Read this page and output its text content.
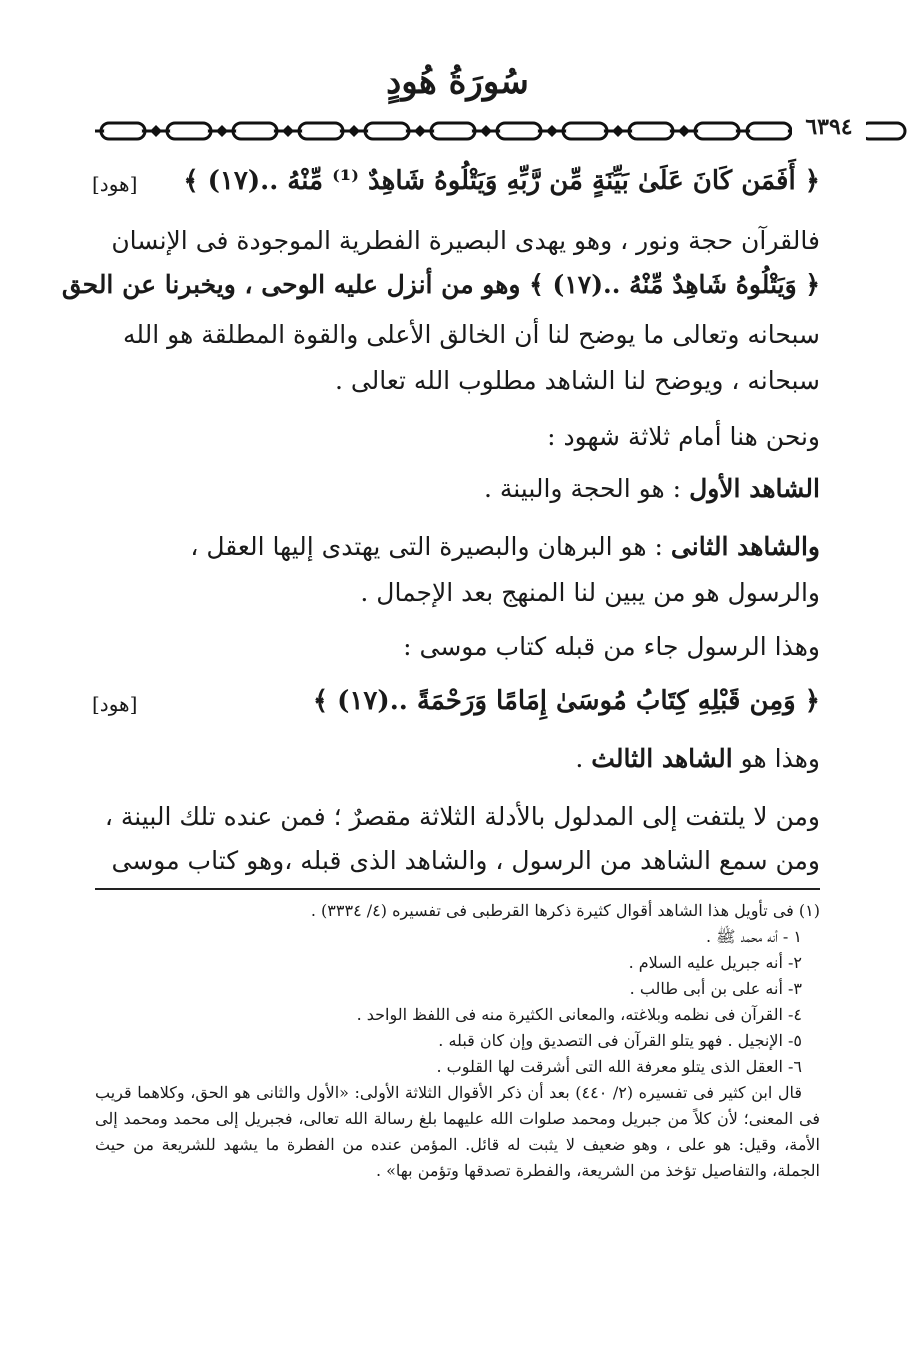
سُورَةُ هُودٍ
٦٣٩٤
﴿ أَفَمَن كَانَ عَلَىٰ بَيِّنَةٍ مِّن رَّبِّهِ وَيَتْلُوهُ شَاهِدٌ ⁽¹⁾ مِّنْهُ ..(١٧) ﴾
[هود]
فالقرآن حجة ونور ، وهو يهدى البصيرة الفطرية الموجودة فى الإنسان
﴿ وَيَتْلُوهُ شَاهِدٌ مِّنْهُ ..(١٧) ﴾ وهو من أنزل عليه الوحى ، ويخبرنا عن الحق
سبحانه وتعالى ما يوضح لنا أن الخالق الأعلى والقوة المطلقة هو الله
سبحانه ، ويوضح لنا الشاهد مطلوب الله تعالى .
ونحن هنا أمام ثلاثة شهود :
الشاهد الأول : هو الحجة والبينة .
والشاهد الثانى : هو البرهان والبصيرة التى يهتدى إليها العقل ،
والرسول هو من يبين لنا المنهج بعد الإجمال .
وهذا الرسول جاء من قبله كتاب موسى :
﴿ وَمِن قَبْلِهِ كِتَابُ مُوسَىٰ إِمَامًا وَرَحْمَةً ..(١٧) ﴾
[هود]
وهذا هو الشاهد الثالث .
ومن لا يلتفت إلى المدلول بالأدلة الثلاثة مقصرٌ ؛ فمن عنده تلك البينة ،
ومن سمع الشاهد من الرسول ، والشاهد الذى قبله ،وهو كتاب موسى
(١) فى تأويل هذا الشاهد أقوال كثيرة ذكرها القرطبى فى تفسيره (٤/ ٣٣٣٤) .
١ - أنه محمد ﷺ .
٢- أنه جبريل عليه السلام .
٣- أنه على بن أبى طالب .
٤- القرآن فى نظمه وبلاغته، والمعانى الكثيرة منه فى اللفظ الواحد .
٥- الإنجيل . فهو يتلو القرآن فى التصديق وإن كان قبله .
٦- العقل الذى يتلو معرفة الله التى أشرقت لها القلوب .
قال ابن كثير فى تفسيره (٢/ ٤٤٠) بعد أن ذكر الأقوال الثلاثة الأولى: «الأول والثانى هو الحق، وكلاهما قريب فى المعنى؛ لأن كلاً من جبريل ومحمد صلوات الله عليهما بلغ رسالة الله تعالى، فجبريل إلى محمد ومحمد إلى الأمة، وقيل: هو على ، وهو ضعيف لا يثبت له قائل. المؤمن عنده من الفطرة ما يشهد للشريعة من حيث الجملة، والتفاصيل تؤخذ من الشريعة، والفطرة تصدقها وتؤمن بها» .
